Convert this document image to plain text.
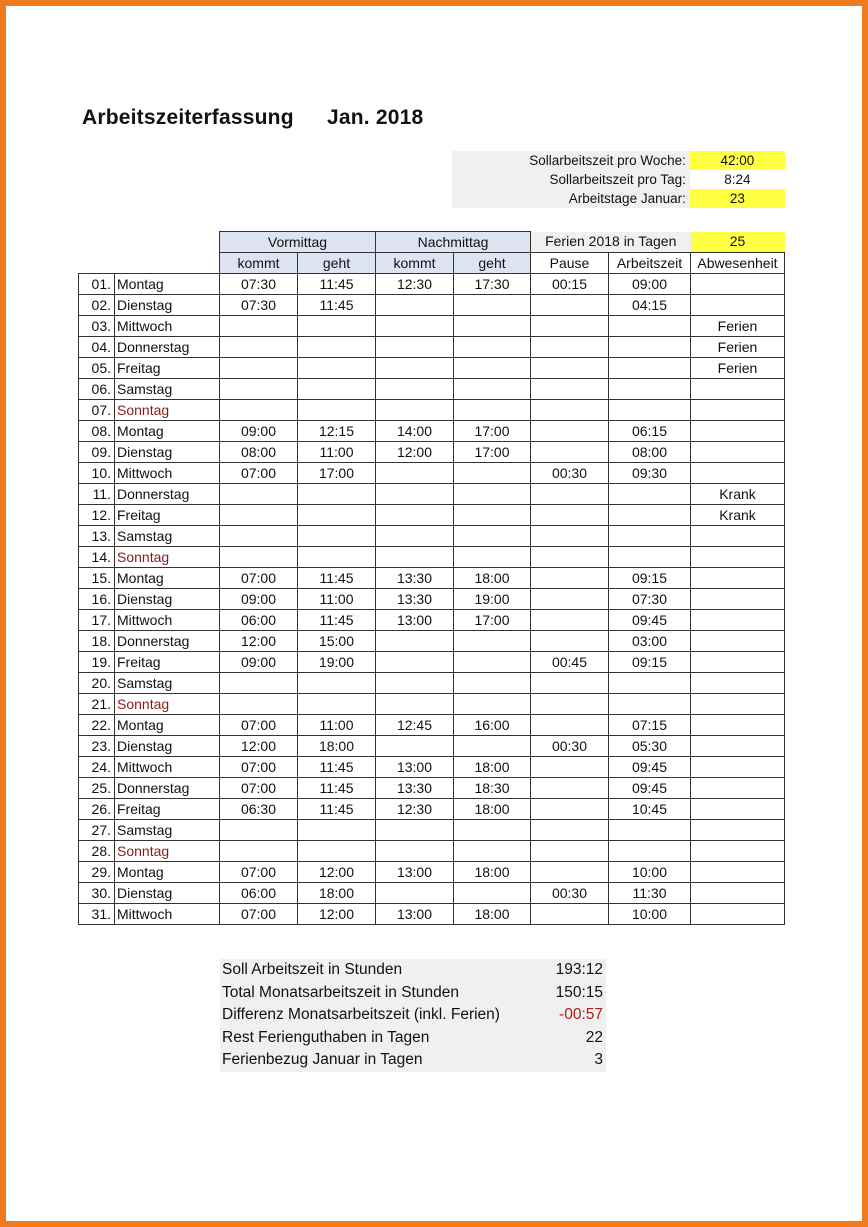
Arbeitszeiterfassung Jan. 2018
Sollarbeitszeit pro Woche:	42:00
Sollarbeitszeit pro Tag:	8:24
Arbeitstage Januar:	23
		Vormittag		Nachmittag		Ferien 2018 in Tagen		25
		kommt	geht	kommt	geht	Pause	Arbeitszeit	Abwesenheit
01.	Montag	07:30	11:45	12:30	17:30	00:15	09:00	
02.	Dienstag	07:30	11:45				04:15	
03.	Mittwoch							Ferien
04.	Donnerstag							Ferien
05.	Freitag							Ferien
06.	Samstag							
07.	Sonntag							
08.	Montag	09:00	12:15	14:00	17:00		06:15	
09.	Dienstag	08:00	11:00	12:00	17:00		08:00	
10.	Mittwoch	07:00	17:00			00:30	09:30	
11.	Donnerstag							Krank
12.	Freitag							Krank
13.	Samstag							
14.	Sonntag							
15.	Montag	07:00	11:45	13:30	18:00		09:15	
16.	Dienstag	09:00	11:00	13:30	19:00		07:30	
17.	Mittwoch	06:00	11:45	13:00	17:00		09:45	
18.	Donnerstag	12:00	15:00				03:00	
19.	Freitag	09:00	19:00			00:45	09:15	
20.	Samstag							
21.	Sonntag							
22.	Montag	07:00	11:00	12:45	16:00		07:15	
23.	Dienstag	12:00	18:00			00:30	05:30	
24.	Mittwoch	07:00	11:45	13:00	18:00		09:45	
25.	Donnerstag	07:00	11:45	13:30	18:30		09:45	
26.	Freitag	06:30	11:45	12:30	18:00		10:45	
27.	Samstag							
28.	Sonntag							
29.	Montag	07:00	12:00	13:00	18:00		10:00	
30.	Dienstag	06:00	18:00			00:30	11:30	
31.	Mittwoch	07:00	12:00	13:00	18:00		10:00	
Soll Arbeitszeit in Stunden	193:12
Total Monatsarbeitszeit in Stunden	150:15
Differenz Monatsarbeitszeit (inkl. Ferien)	-00:57
Rest Ferienguthaben in Tagen	22
Ferienbezug Januar in Tagen	3
